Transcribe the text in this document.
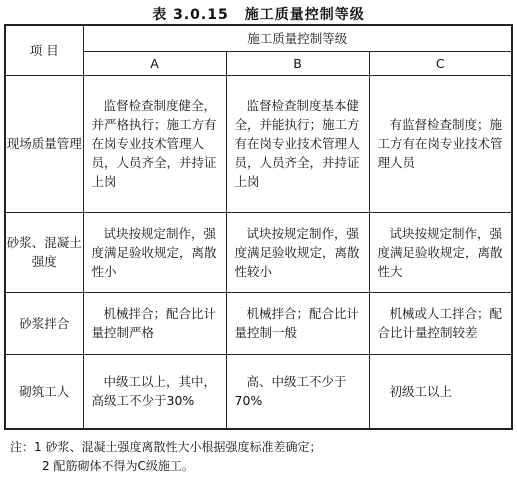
表 3.0.15 施工质量控制等级
项 目	施工质量控制等级		
	A	B	C
现场质量管理	监督检查制度健全，并严格执行；施工方有在岗专业技术管理人员，人员齐全，并持证上岗	监督检查制度基本健全，并能执行；施工方有在岗专业技术管理人员，人员齐全，并持证上岗	有监督检查制度；施工方有在岗专业技术管理人员
砂浆、混凝土强度	试块按规定制作，强度满足验收规定，离散性小	试块按规定制作，强度满足验收规定，离散性较小	试块按规定制作，强度满足验收规定，离散性大
砂浆拌合	机械拌合；配合比计量控制严格	机械拌合；配合比计量控制一般	机械或人工拌合；配合比计量控制较差
砌筑工人	中级工以上，其中，高级工不少于30%	高、中级工不少于70%	初级工以上
注：1 砂浆、混凝土强度离散性大小根据强度标准差确定；
2 配筋砌体不得为C级施工。
